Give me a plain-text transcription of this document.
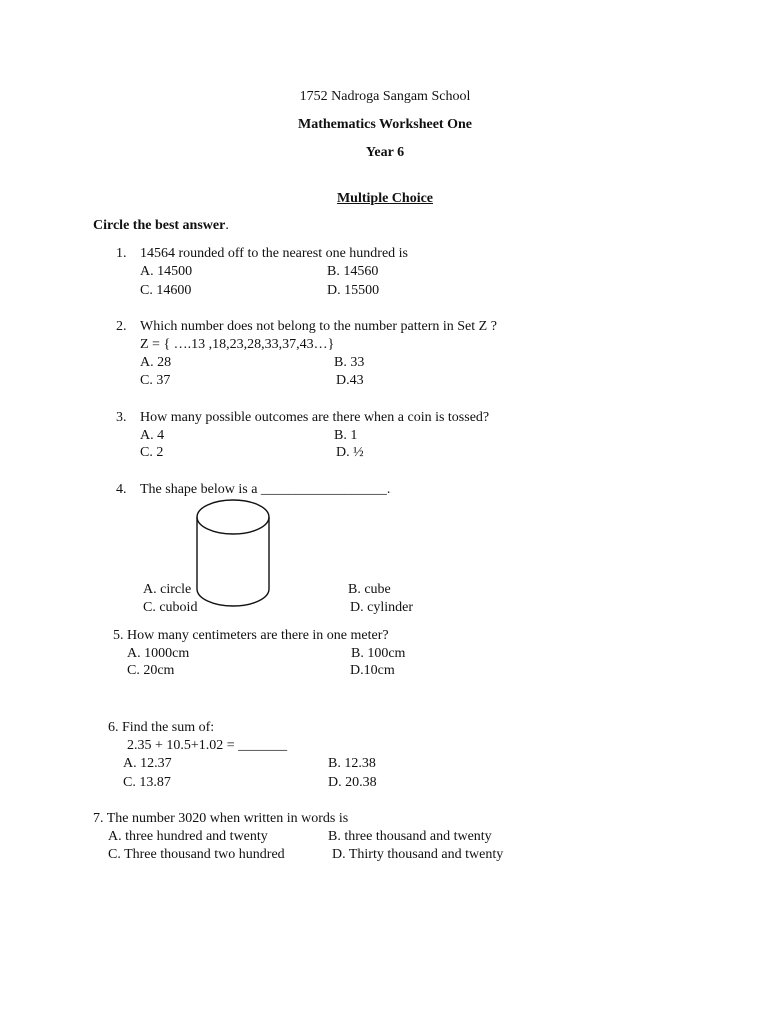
1752 Nadroga Sangam School
Mathematics Worksheet One
Year 6
Multiple Choice
Circle the best answer.
1. 14564 rounded off to the nearest one hundred is
A. 14500	B. 14560
C. 14600	D. 15500
2. Which number does not belong to the number pattern in Set Z ?
Z = { ….13 ,18,23,28,33,37,43…}
A. 28	B. 33
C. 37	D.43
3. How many possible outcomes are there when a coin is tossed?
A. 4	B. 1
C. 2	D. ½
4. The shape below is a __________________.
A. circle	B. cube
C. cuboid	D. cylinder
5. How many centimeters are there in one meter?
A. 1000cm	B. 100cm
C. 20cm	D.10cm
6. Find the sum of:
2.35 + 10.5+1.02 = _______
A. 12.37	B. 12.38
C. 13.87	D. 20.38
7. The number 3020 when written in words is
A. three hundred and twenty	B. three thousand and twenty
C. Three thousand two hundred	D. Thirty thousand and twenty
